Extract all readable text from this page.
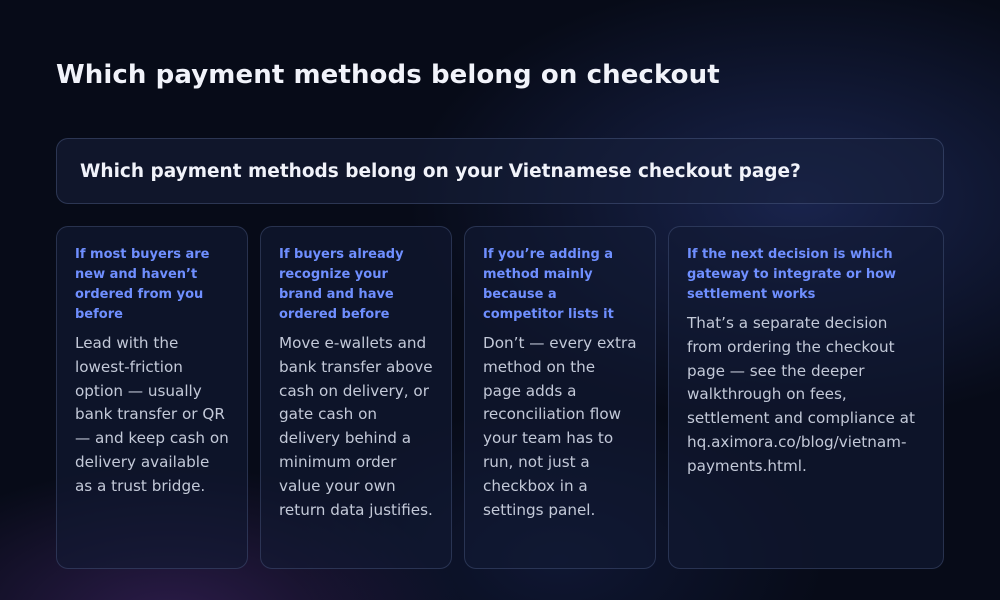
Which payment methods belong on checkout
Which payment methods belong on your Vietnamese checkout page?
If most buyers are new and haven’t ordered from you before
Lead with the lowest-friction option — usually bank transfer or QR — and keep cash on delivery available as a trust bridge.
If buyers already recognize your brand and have ordered before
Move e-wallets and bank transfer above cash on delivery, or gate cash on delivery behind a minimum order value your own return data justifies.
If you’re adding a method mainly because a competitor lists it
Don’t — every extra method on the page adds a reconciliation flow your team has to run, not just a checkbox in a settings panel.
If the next decision is which gateway to integrate or how settlement works
That’s a separate decision from ordering the checkout page — see the deeper walkthrough on fees, settlement and compliance at hq.aximora.co/blog/vietnam-payments.html.
